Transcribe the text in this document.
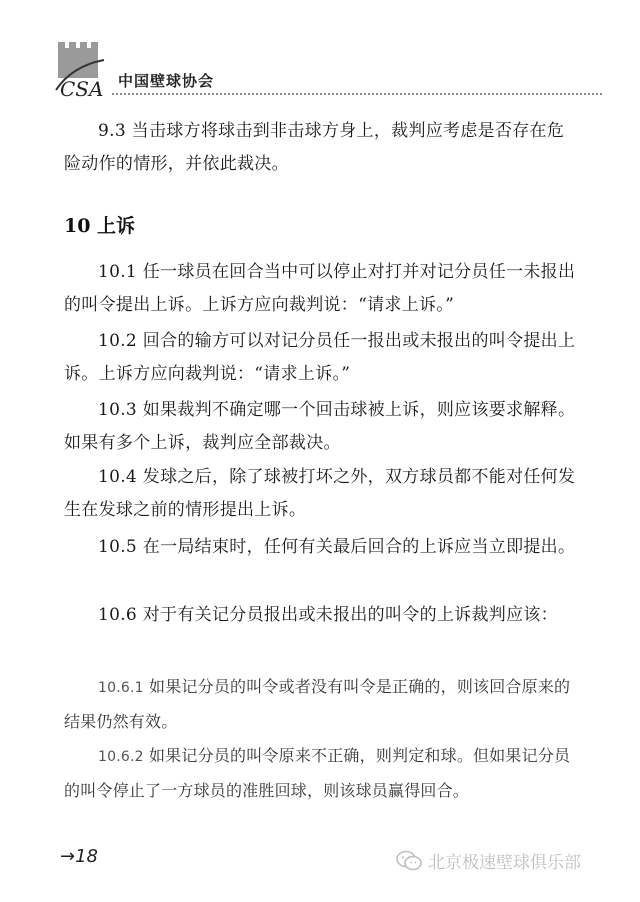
CSA 中国壁球协会

9.3 当击球方将球击到非击球方身上，裁判应考虑是否存在危险动作的情形，并依此裁决。

10 上诉

10.1 任一球员在回合当中可以停止对打并对记分员任一未报出的叫令提出上诉。上诉方应向裁判说：“请求上诉。”

10.2 回合的输方可以对记分员任一报出或未报出的叫令提出上诉。上诉方应向裁判说：“请求上诉。”

10.3 如果裁判不确定哪一个回击球被上诉，则应该要求解释。如果有多个上诉，裁判应全部裁决。

10.4 发球之后，除了球被打坏之外，双方球员都不能对任何发生在发球之前的情形提出上诉。

10.5 在一局结束时，任何有关最后回合的上诉应当立即提出。

10.6 对于有关记分员报出或未报出的叫令的上诉裁判应该：

10.6.1 如果记分员的叫令或者没有叫令是正确的，则该回合原来的结果仍然有效。

10.6.2 如果记分员的叫令原来不正确，则判定和球。但如果记分员的叫令停止了一方球员的准胜回球，则该球员赢得回合。

→18	北京极速壁球俱乐部
